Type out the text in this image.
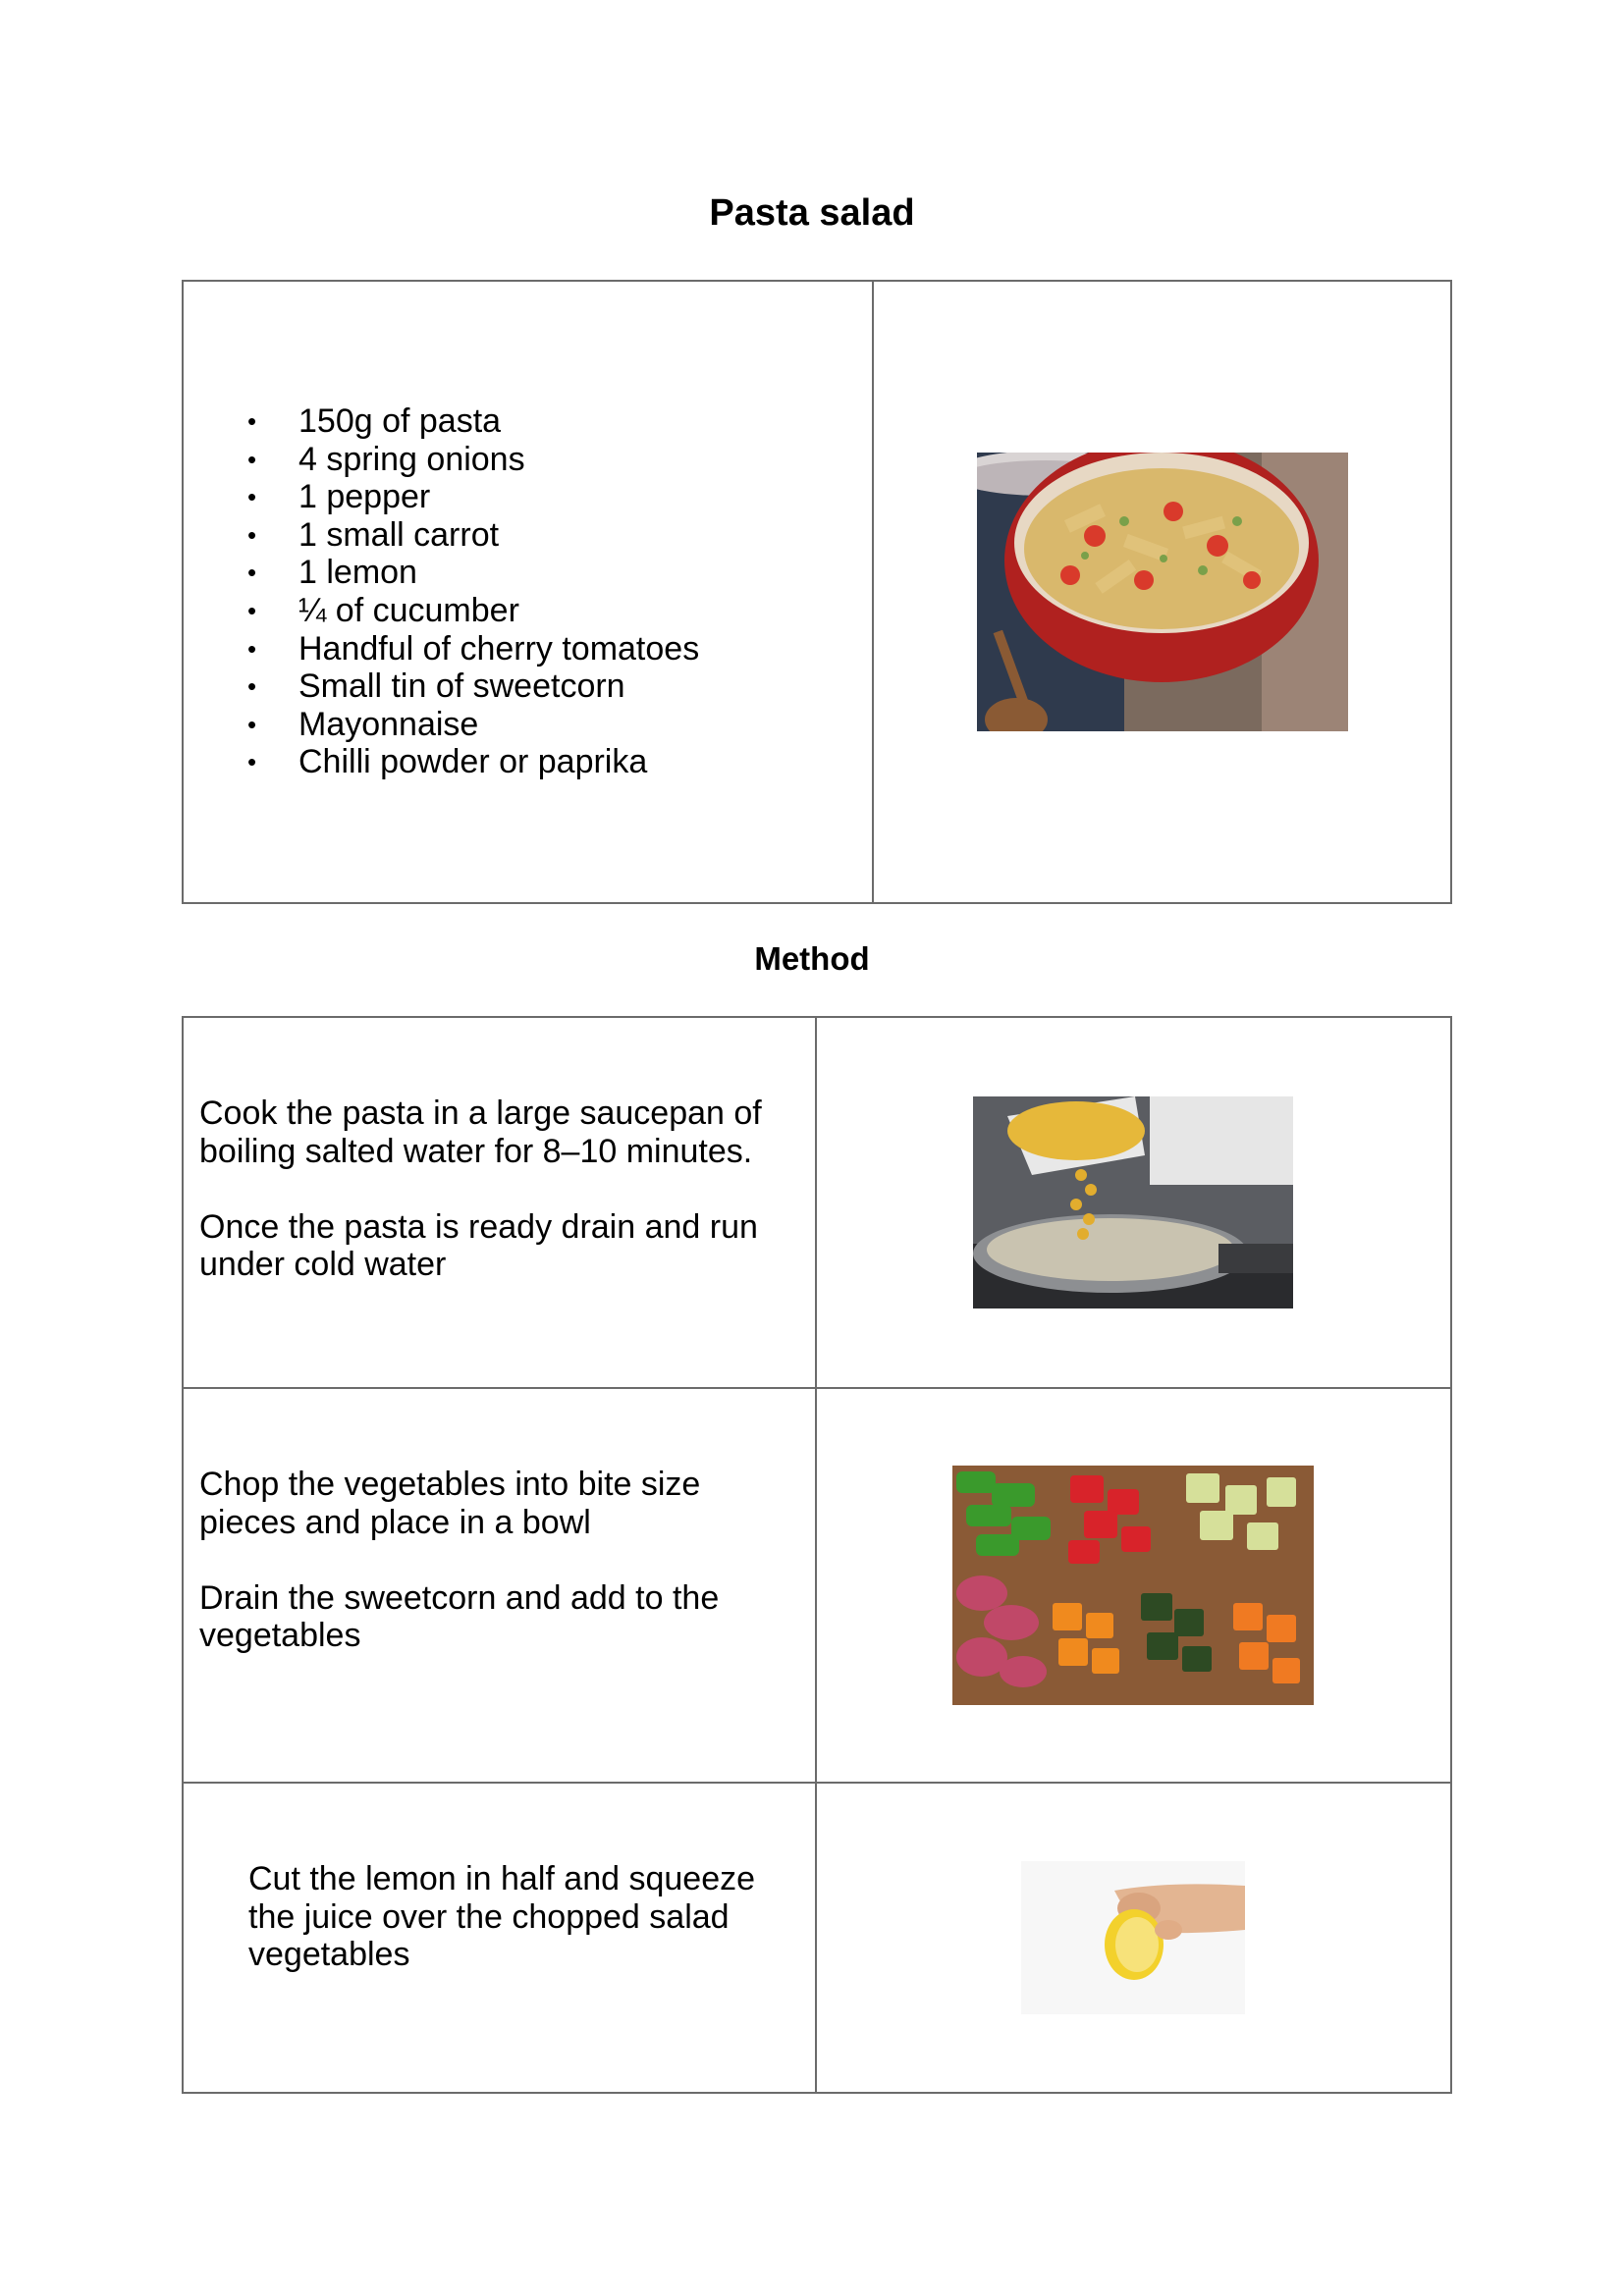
Pasta salad
• 150g of pasta
• 4 spring onions
• 1 pepper
• 1 small carrot
• 1 lemon
• ¼ of cucumber
• Handful of cherry tomatoes
• Small tin of sweetcorn
• Mayonnaise
• Chilli powder or paprika

Method

Cook the pasta in a large saucepan of boiling salted water for 8–10 minutes.

Once the pasta is ready drain and run under cold water

Chop the vegetables into bite size pieces and place in a bowl

Drain the sweetcorn and add to the vegetables

Cut the lemon in half and squeeze the juice over the chopped salad vegetables
